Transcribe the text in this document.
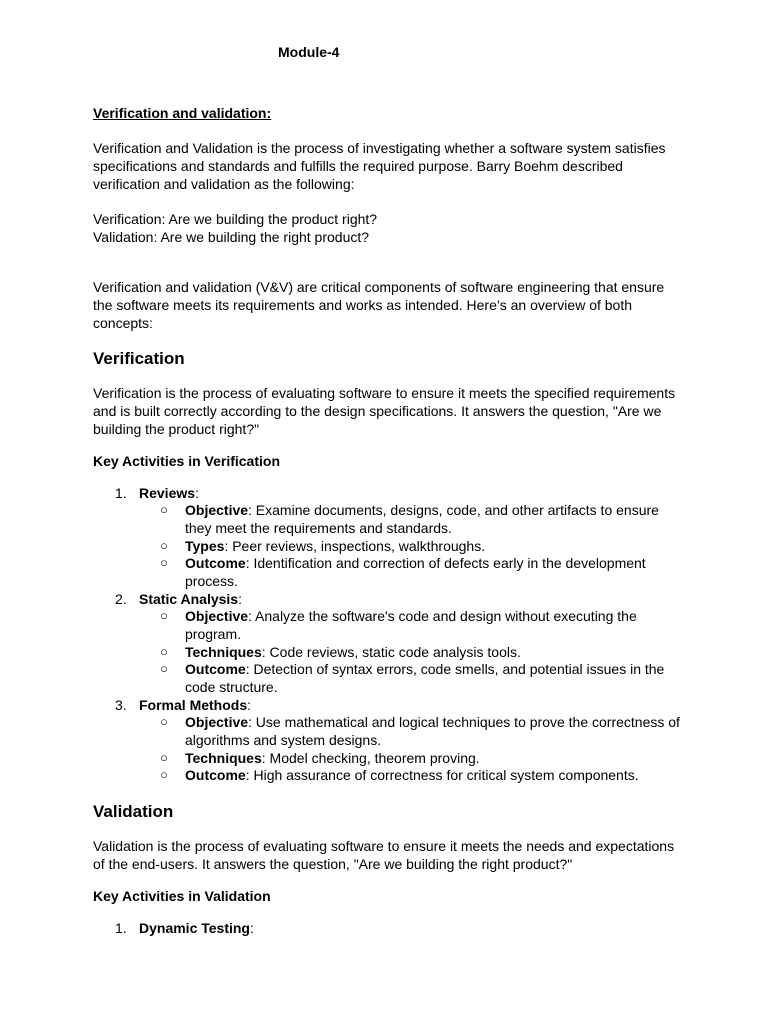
Module-4
Verification and validation:
Verification and Validation is the process of investigating whether a software system satisfies specifications and standards and fulfills the required purpose. Barry Boehm described verification and validation as the following:
Verification: Are we building the product right?
Validation: Are we building the right product?
Verification and validation (V&V) are critical components of software engineering that ensure the software meets its requirements and works as intended. Here’s an overview of both concepts:
Verification
Verification is the process of evaluating software to ensure it meets the specified requirements and is built correctly according to the design specifications. It answers the question, "Are we building the product right?"
Key Activities in Verification
1. Reviews:
○ Objective: Examine documents, designs, code, and other artifacts to ensure they meet the requirements and standards.
○ Types: Peer reviews, inspections, walkthroughs.
○ Outcome: Identification and correction of defects early in the development process.
2. Static Analysis:
○ Objective: Analyze the software's code and design without executing the program.
○ Techniques: Code reviews, static code analysis tools.
○ Outcome: Detection of syntax errors, code smells, and potential issues in the code structure.
3. Formal Methods:
○ Objective: Use mathematical and logical techniques to prove the correctness of algorithms and system designs.
○ Techniques: Model checking, theorem proving.
○ Outcome: High assurance of correctness for critical system components.
Validation
Validation is the process of evaluating software to ensure it meets the needs and expectations of the end-users. It answers the question, "Are we building the right product?"
Key Activities in Validation
1. Dynamic Testing:
